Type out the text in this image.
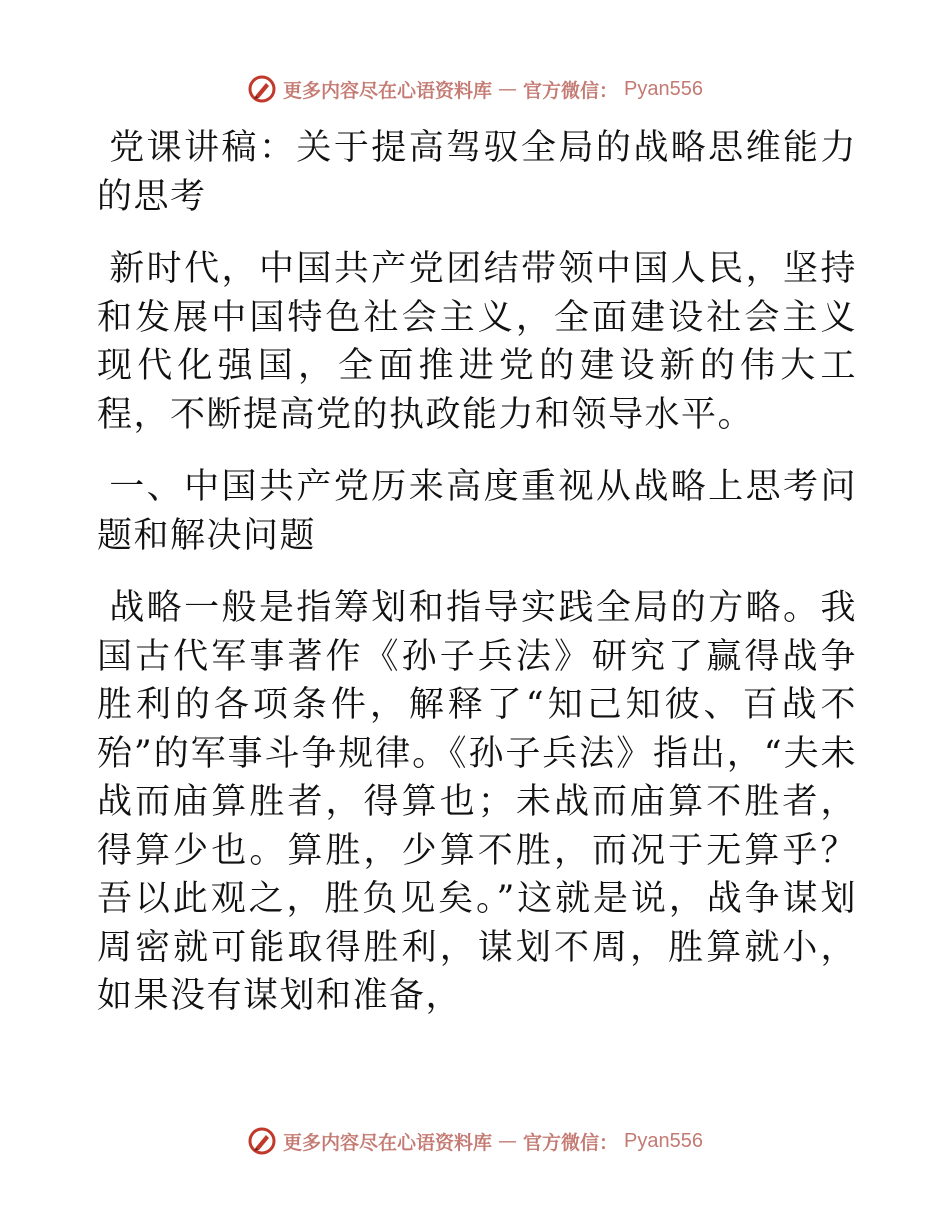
更多内容尽在心语资料库 — 官方微信： Pyan556

党课讲稿：关于提高驾驭全局的战略思维能力的思考

新时代，中国共产党团结带领中国人民，坚持和发展中国特色社会主义，全面建设社会主义现代化强国，全面推进党的建设新的伟大工程，不断提高党的执政能力和领导水平。

一、中国共产党历来高度重视从战略上思考问题和解决问题

战略一般是指筹划和指导实践全局的方略。我国古代军事著作《孙子兵法》研究了赢得战争胜利的各项条件，解释了“知己知彼、百战不殆”的军事斗争规律。《孙子兵法》指出，“夫未战而庙算胜者，得算也；未战而庙算不胜者，得算少也。算胜，少算不胜，而况于无算乎？吾以此观之，胜负见矣。”这就是说，战争谋划周密就可能取得胜利，谋划不周，胜算就小，如果没有谋划和准备，

更多内容尽在心语资料库 — 官方微信： Pyan556
